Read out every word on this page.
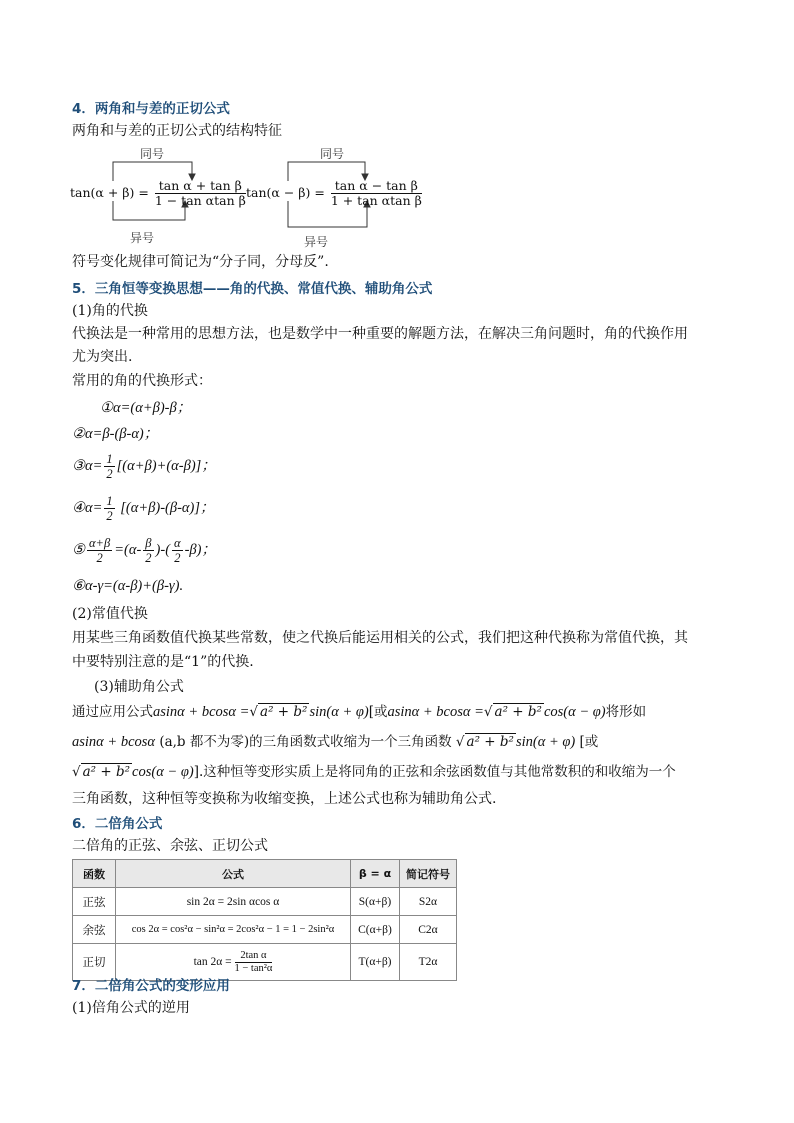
4．两角和与差的正切公式
两角和与差的正切公式的结构特征
同号
异号
同号
异号
$\tan(\alpha + \beta) = \frac{\text{tan α + tan β}}{\text{1 − tan αtan β}} \tan(\alpha - \beta) = \frac{\text{tan α − tan β}}{\text{1 + tan αtan β}}$
符号变化规律可简记为“分子同，分母反”.
5．三角恒等变换思想——角的代换、常值代换、辅助角公式
(1)角的代换
代换法是一种常用的思想方法，也是数学中一种重要的解题方法，在解决三角问题时，角的代换作用
尤为突出.
常用的角的代换形式：
①α=(α+β)-β；
②α=β-(β-α)；
③α= $\frac{1}{2} [(\alpha+\beta)+(\alpha-\beta)]$；
④α= $\frac{1}{2} [(\alpha+\beta)-(\beta-\alpha)]$；
⑤ $\frac{\alpha+\beta}{2} =(\alpha- \frac{\beta}{2}$ )-( $\frac{\alpha}{2} -\beta$)；
⑥α-γ=(α-β)+(β-γ).
(2)常值代换
用某些三角函数值代换某些常数，使之代换后能运用相关的公式，我们把这种代换称为常值代换，其
中要特别注意的是“1”的代换.
(3)辅助角公式
通过应用公式asinα + bcosα =√ a² + b² sin(α + φ)[或asinα + bcosα =√ a² + b² cos(α − φ)将形如
asinα + bcosα (a,b 都不为零)的三角函数式收缩为一个三角函数 √ a² + b² sin(α + φ) [或
√ a² + b² cos(α − φ)].这种恒等变形实质上是将同角的正弦和余弦函数值与其他常数积的和收缩为一个
三角函数，这种恒等变换称为收缩变换，上述公式也称为辅助角公式.
6．二倍角公式
二倍角的正弦、余弦、正切公式
函数	公式	β = α	简记符号
正弦	sin 2α = 2sin αcos α	S(α+β)	S2α
余弦	cos 2α = cos²α − sin²α = 2cos²α − 1 = 1 − 2sin²α	C(α+β)	C2α
正切	$\tan 2\alpha = \frac{\text{2tan α}}{\text{1 − tan²α}}$	T(α+β)	T2α
7．二倍角公式的变形应用
(1)倍角公式的逆用
